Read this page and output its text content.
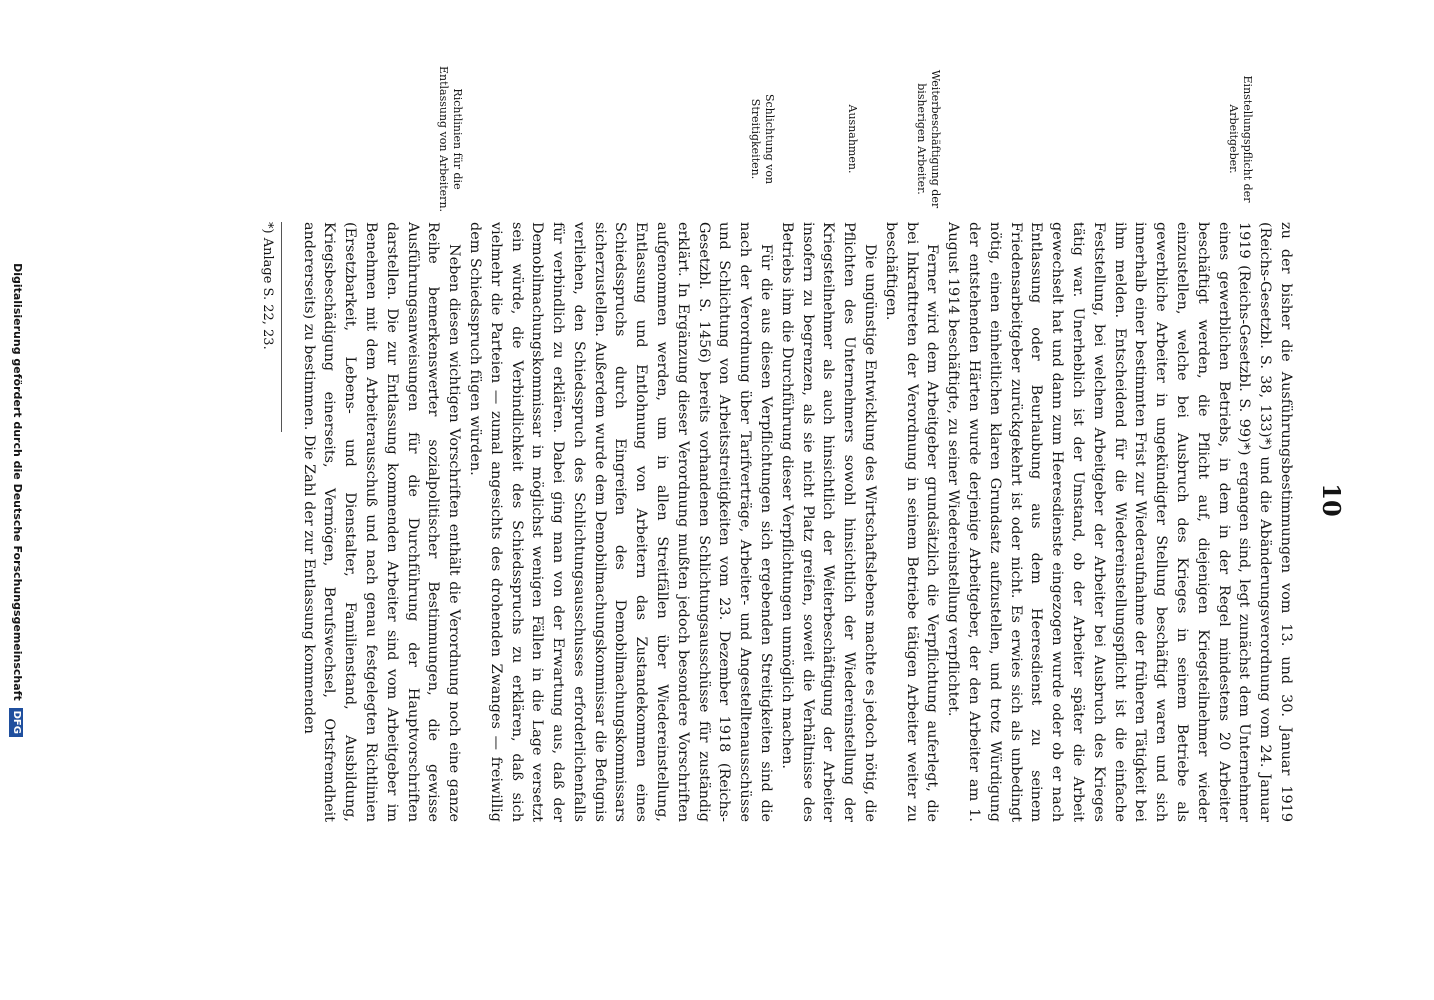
10
Einstellungspflicht der Arbeitgeber.
Weiterbeschäftigung der bisherigen Arbeiter.
Ausnahmen.
Schlichtung von Streitigkeiten.
Richtlinien für die Entlassung von Arbeitern.

zu der bisher die Ausführungsbestimmungen vom 13. und 30. Januar 1919 (Reichs-Gesetzbl. S. 38, 133)*) und die Abänderungsverordnung vom 24. Januar 1919 (Reichs-Gesetzbl. S. 99)*) ergangen sind, legt zunächst dem Unternehmer eines gewerblichen Betriebs, in dem in der Regel mindestens 20 Arbeiter beschäftigt werden, die Pflicht auf, diejenigen Kriegsteilnehmer wieder einzustellen, welche bei Ausbruch des Krieges in seinem Betriebe als gewerbliche Arbeiter in ungekündigter Stellung beschäftigt waren und sich innerhalb einer bestimmten Frist zur Wiederaufnahme der früheren Tätigkeit bei ihm melden. Entscheidend für die Wiedereinstellungspflicht ist die einfache Feststellung, bei welchem Arbeitgeber der Arbeiter bei Ausbruch des Krieges tätig war. Unerheblich ist der Umstand, ob der Arbeiter später die Arbeit gewechselt hat und dann zum Heeresdienste eingezogen wurde oder ob er nach Entlassung oder Beurlaubung aus dem Heeresdienst zu seinem Friedensarbeitgeber zurückgekehrt ist oder nicht. Es erwies sich als unbedingt nötig, einen einheitlichen klaren Grundsatz aufzustellen, und trotz Würdigung der entstehenden Härten wurde derjenige Arbeitgeber, der den Arbeiter am 1. August 1914 beschäftigte, zu seiner Wiedereinstellung verpflichtet.

Ferner wird dem Arbeitgeber grundsätzlich die Verpflichtung auferlegt, die bei Inkrafttreten der Verordnung in seinem Betriebe tätigen Arbeiter weiter zu beschäftigen.

Die ungünstige Entwicklung des Wirtschaftslebens machte es jedoch nötig, die Pflichten des Unternehmers sowohl hinsichtlich der Wiedereinstellung der Kriegsteilnehmer als auch hinsichtlich der Weiterbeschäftigung der Arbeiter insofern zu begrenzen, als sie nicht Platz greifen, soweit die Verhältnisse des Betriebs ihm die Durchführung dieser Verpflichtungen unmöglich machen.

Für die aus diesen Verpflichtungen sich ergebenden Streitigkeiten sind die nach der Verordnung über Tarifverträge, Arbeiter- und Angestelltenausschüsse und Schlichtung von Arbeitsstreitigkeiten vom 23. Dezember 1918 (Reichs-Gesetzbl. S. 1456) bereits vorhandenen Schlichtungsausschüsse für zuständig erklärt. In Ergänzung dieser Verordnung mußten jedoch besondere Vorschriften aufgenommen werden, um in allen Streitfällen über Wiedereinstellung, Entlassung und Entlohnung von Arbeitern das Zustandekommen eines Schiedsspruchs durch Eingreifen des Demobilmachungskommissars sicherzustellen. Außerdem wurde dem Demobilmachungskommissar die Befugnis verliehen, den Schiedsspruch des Schlichtungsausschusses erforderlichenfalls für verbindlich zu erklären. Dabei ging man von der Erwartung aus, daß der Demobilmachungskommissar in möglichst wenigen Fällen in die Lage versetzt sein würde, die Verbindlichkeit des Schiedsspruchs zu erklären, daß sich vielmehr die Parteien — zumal angesichts des drohenden Zwanges — freiwillig dem Schiedsspruch fügen würden.

Neben diesen wichtigen Vorschriften enthält die Verordnung noch eine ganze Reihe bemerkenswerter sozialpolitischer Bestimmungen, die gewisse Ausführungsanweisungen für die Durchführung der Hauptvorschriften darstellen. Die zur Entlassung kommenden Arbeiter sind vom Arbeitgeber im Benehmen mit dem Arbeiterausschuß und nach genau festgelegten Richtlinien (Ersetzbarkeit, Lebens- und Dienstalter, Familienstand, Ausbildung, Kriegsbeschädigung einerseits, Vermögen, Berufswechsel, Ortsfremdheit andererseits) zu bestimmen. Die Zahl der zur Entlassung kommenden

*) Anlage S. 22, 23.
Digitalisierung gefördert durch die Deutsche Forschungsgemeinschaft DFG
